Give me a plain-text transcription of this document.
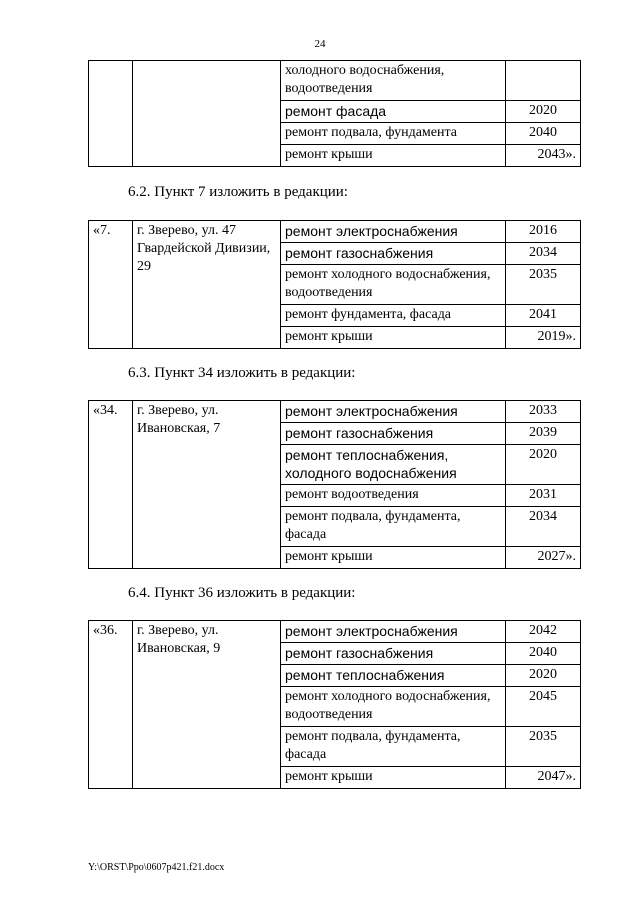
24
		холодного водоснабжения, водоотведения	
		ремонт фасада	2020
		ремонт подвала, фундамента	2040
		ремонт крыши	2043».
6.2. Пункт 7 изложить в редакции:
«7.	г. Зверево, ул. 47 Гвардейской Дивизии, 29	ремонт электроснабжения	2016
		ремонт газоснабжения	2034
		ремонт холодного водоснабжения, водоотведения	2035
		ремонт фундамента, фасада	2041
		ремонт крыши	2019».
6.3. Пункт 34 изложить в редакции:
«34.	г. Зверево, ул. Ивановская, 7	ремонт электроснабжения	2033
		ремонт газоснабжения	2039
		ремонт теплоснабжения, холодного водоснабжения	2020
		ремонт водоотведения	2031
		ремонт подвала, фундамента, фасада	2034
		ремонт крыши	2027».
6.4. Пункт 36 изложить в редакции:
«36.	г. Зверево, ул. Ивановская, 9	ремонт электроснабжения	2042
		ремонт газоснабжения	2040
		ремонт теплоснабжения	2020
		ремонт холодного водоснабжения, водоотведения	2045
		ремонт подвала, фундамента, фасада	2035
		ремонт крыши	2047».
Y:\ORST\Ppo\0607p421.f21.docx
